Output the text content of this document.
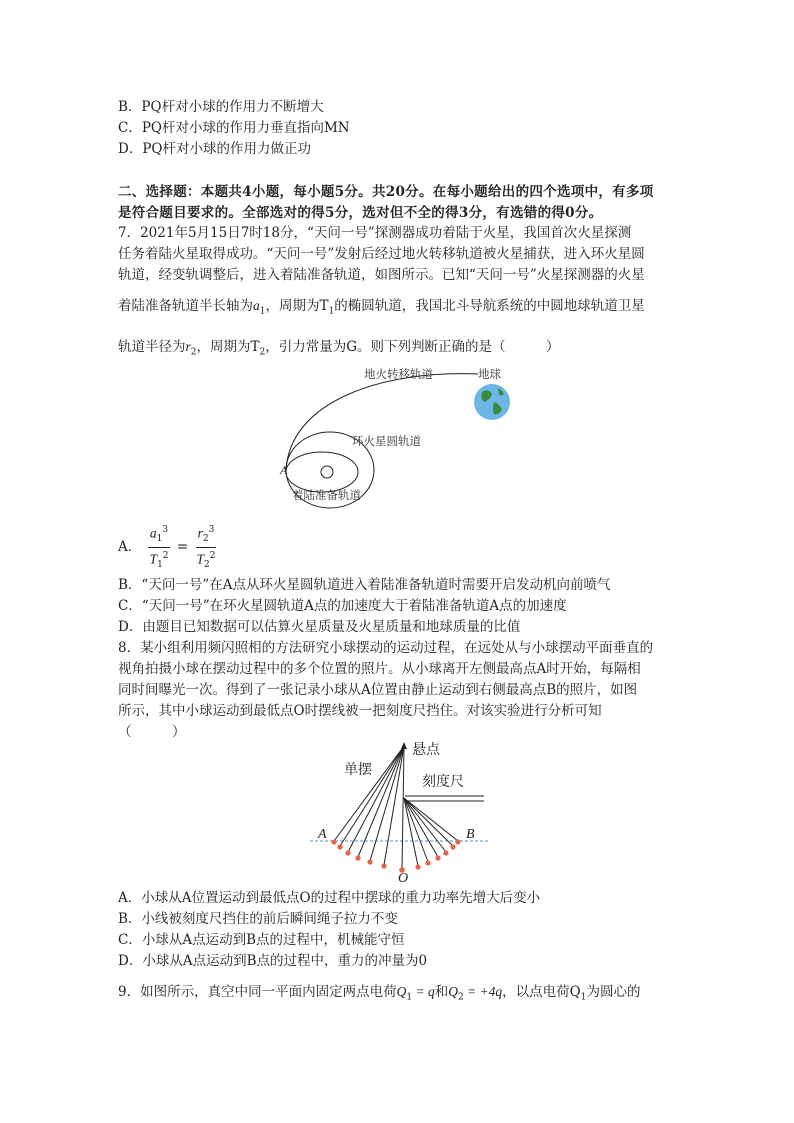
B．PQ杆对小球的作用力不断增大
C．PQ杆对小球的作用力垂直指向MN
D．PQ杆对小球的作用力做正功
二、选择题：本题共4小题，每小题5分。共20分。在每小题给出的四个选项中，有多项
是符合题目要求的。全部选对的得5分，选对但不全的得3分，有选错的得0分。
7．2021年5月15日7时18分，“天问一号”探测器成功着陆于火星，我国首次火星探测
任务着陆火星取得成功。“天问一号”发射后经过地火转移轨道被火星捕获，进入环火星圆
轨道，经变轨调整后，进入着陆准备轨道，如图所示。已知“天问一号”火星探测器的火星
着陆准备轨道半长轴为$a_1$，周期为$T_1$的椭圆轨道，我国北斗导航系统的中圆地球轨道卫星
轨道半径为$r_2$，周期为$T_2$，引力常量为G。则下列判断正确的是（　　　）
地火转移轨道	地球
环火星圆轨道
着陆准备轨道
A
A． $\frac{a_1^3}{T_1^2} = \frac{r_2^3}{T_2^2}$
B．“天问一号”在A点从环火星圆轨道进入着陆准备轨道时需要开启发动机向前喷气
C．“天问一号”在环火星圆轨道A点的加速度大于着陆准备轨道A点的加速度
D．由题目已知数据可以估算火星质量及火星质量和地球质量的比值
8．某小组利用频闪照相的方法研究小球摆动的运动过程，在远处从与小球摆动平面垂直的
视角拍摄小球在摆动过程中的多个位置的照片。从小球离开左侧最高点A时开始，每隔相
同时间曝光一次。得到了一张记录小球从A位置由静止运动到右侧最高点B的照片，如图
所示，其中小球运动到最低点O时摆线被一把刻度尺挡住。对该实验进行分析可知
（　　　）
悬点
单摆
刻度尺
A	B
O
A．小球从A位置运动到最低点O的过程中摆球的重力功率先增大后变小
B．小线被刻度尺挡住的前后瞬间绳子拉力不变
C．小球从A点运动到B点的过程中，机械能守恒
D．小球从A点运动到B点的过程中，重力的冲量为0
9．如图所示，真空中同一平面内固定两点电荷$Q_1 = q$和$Q_2 = +4q$，以点电荷$Q_1$为圆心的
